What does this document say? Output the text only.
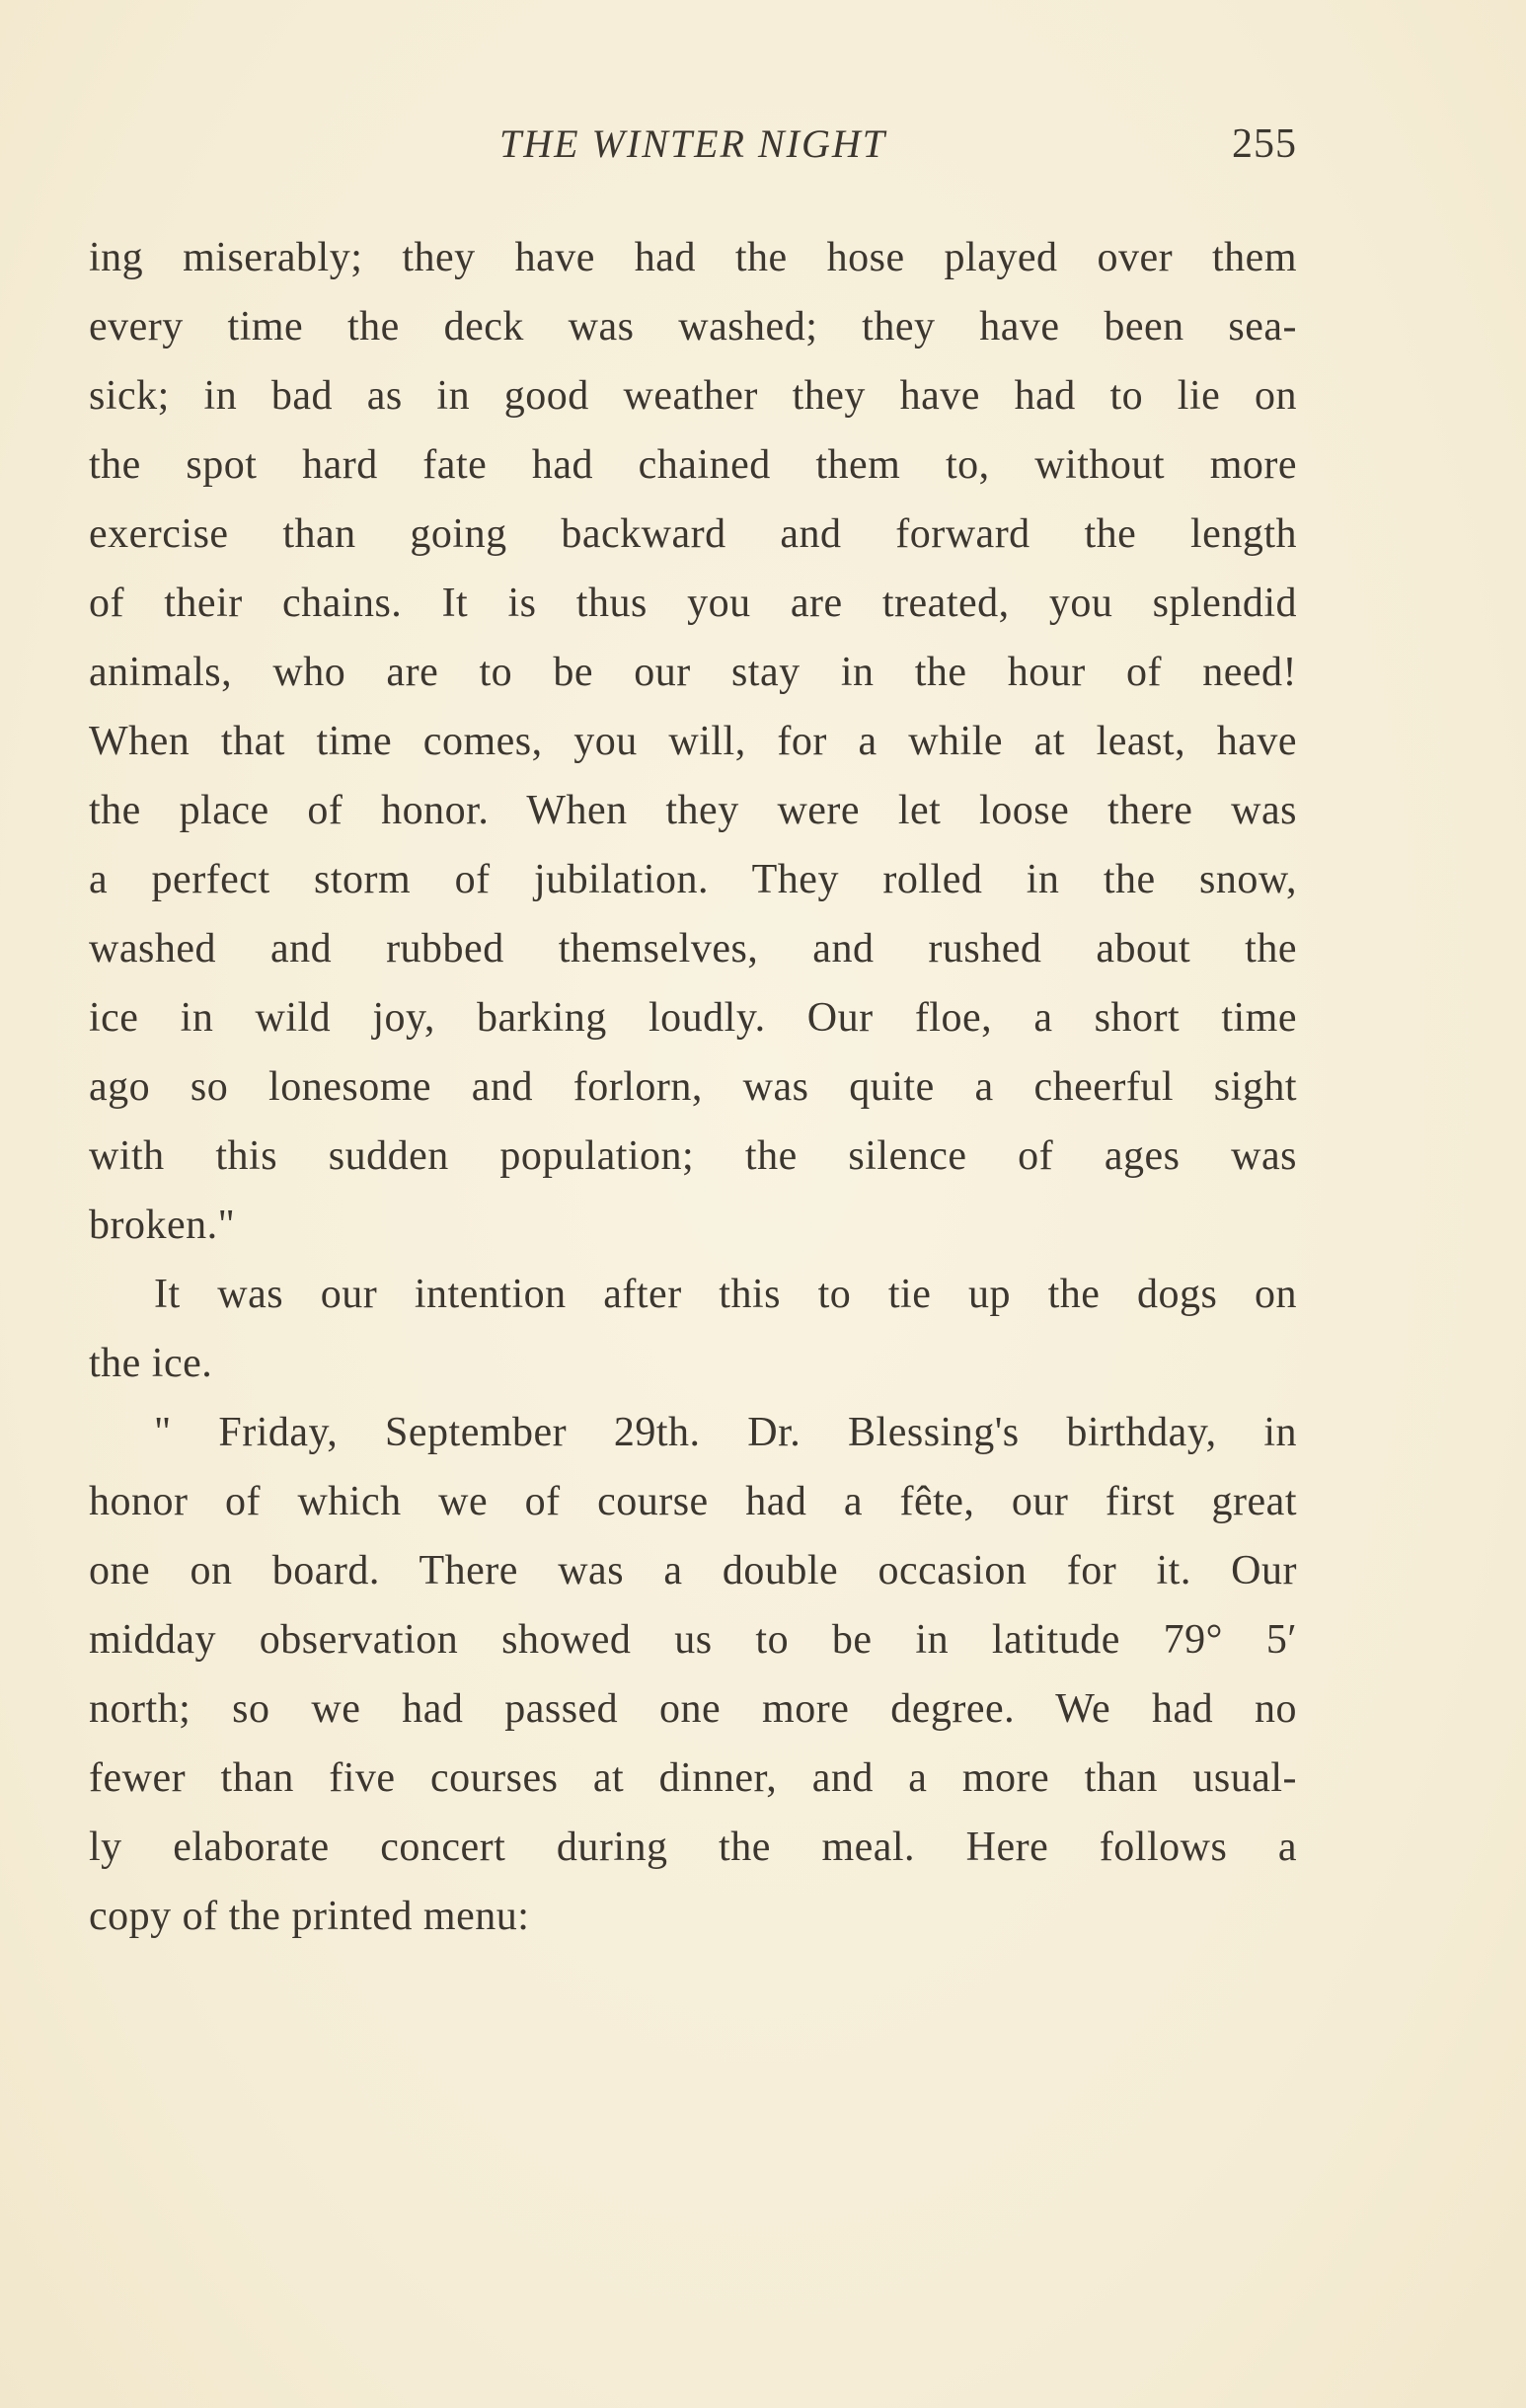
THE WINTER NIGHT	255
ing miserably; they have had the hose played over them
every time the deck was washed; they have been sea-
sick; in bad as in good weather they have had to lie on
the spot hard fate had chained them to, without more
exercise than going backward and forward the length
of their chains. It is thus you are treated, you splendid
animals, who are to be our stay in the hour of need!
When that time comes, you will, for a while at least, have
the place of honor. When they were let loose there was
a perfect storm of jubilation. They rolled in the snow,
washed and rubbed themselves, and rushed about the
ice in wild joy, barking loudly. Our floe, a short time
ago so lonesome and forlorn, was quite a cheerful sight
with this sudden population; the silence of ages was
broken."
It was our intention after this to tie up the dogs on
the ice.
" Friday, September 29th. Dr. Blessing's birthday, in
honor of which we of course had a fête, our first great
one on board. There was a double occasion for it. Our
midday observation showed us to be in latitude 79° 5′
north; so we had passed one more degree. We had no
fewer than five courses at dinner, and a more than usual-
ly elaborate concert during the meal. Here follows a
copy of the printed menu:
